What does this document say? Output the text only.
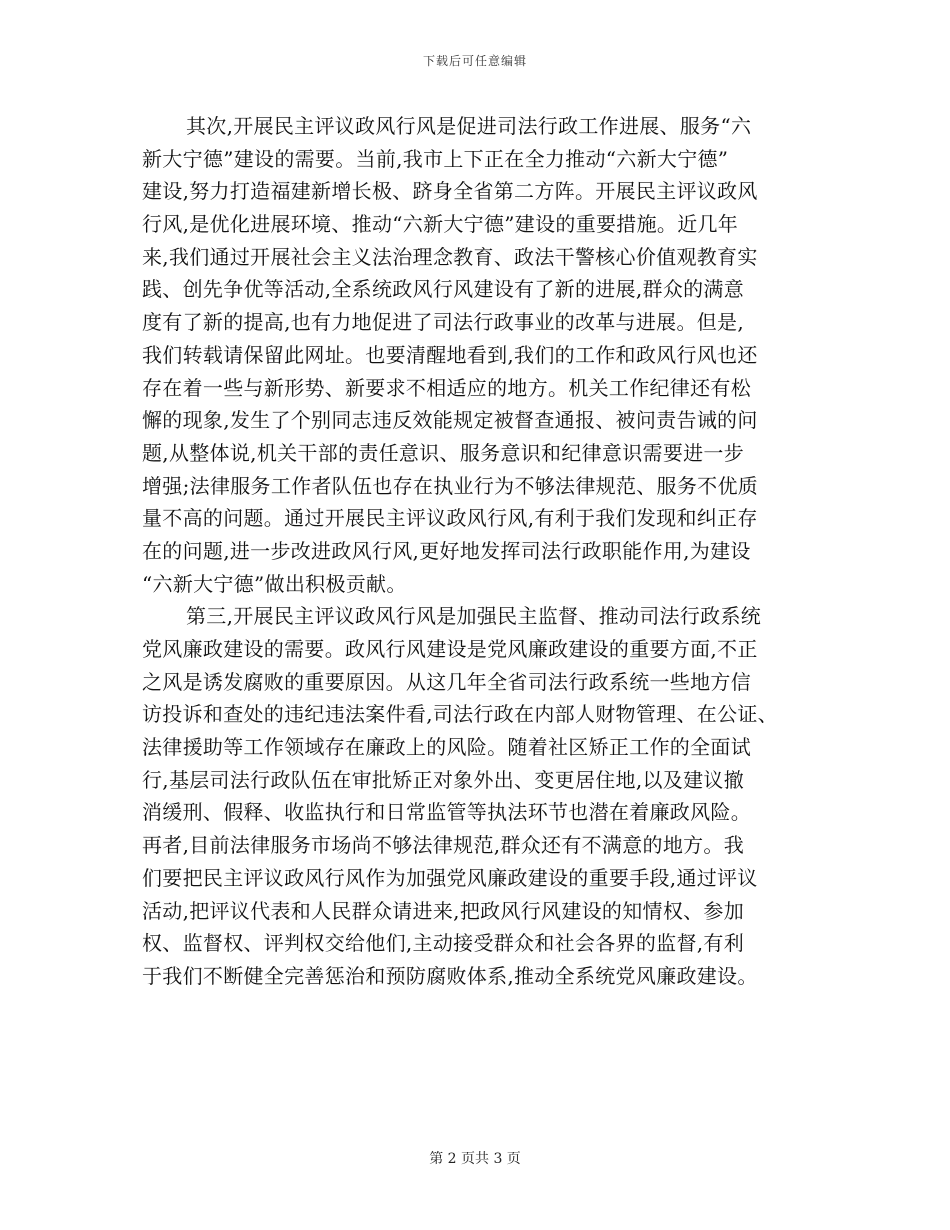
下载后可任意编辑
其次,开展民主评议政风行风是促进司法行政工作进展、服务“六
新大宁德”建设的需要。当前,我市上下正在全力推动“六新大宁德”
建设,努力打造福建新增长极、跻身全省第二方阵。开展民主评议政风
行风,是优化进展环境、推动“六新大宁德”建设的重要措施。近几年
来,我们通过开展社会主义法治理念教育、政法干警核心价值观教育实
践、创先争优等活动,全系统政风行风建设有了新的进展,群众的满意
度有了新的提高,也有力地促进了司法行政事业的改革与进展。但是,
我们转载请保留此网址。也要清醒地看到,我们的工作和政风行风也还
存在着一些与新形势、新要求不相适应的地方。机关工作纪律还有松
懈的现象,发生了个别同志违反效能规定被督查通报、被问责告诫的问
题,从整体说,机关干部的责任意识、服务意识和纪律意识需要进一步
增强;法律服务工作者队伍也存在执业行为不够法律规范、服务不优质
量不高的问题。通过开展民主评议政风行风,有利于我们发现和纠正存
在的问题,进一步改进政风行风,更好地发挥司法行政职能作用,为建设
“六新大宁德”做出积极贡献。
第三,开展民主评议政风行风是加强民主监督、推动司法行政系统
党风廉政建设的需要。政风行风建设是党风廉政建设的重要方面,不正
之风是诱发腐败的重要原因。从这几年全省司法行政系统一些地方信
访投诉和查处的违纪违法案件看,司法行政在内部人财物管理、在公证、
法律援助等工作领域存在廉政上的风险。随着社区矫正工作的全面试
行,基层司法行政队伍在审批矫正对象外出、变更居住地,以及建议撤
消缓刑、假释、收监执行和日常监管等执法环节也潜在着廉政风险。
再者,目前法律服务市场尚不够法律规范,群众还有不满意的地方。我
们要把民主评议政风行风作为加强党风廉政建设的重要手段,通过评议
活动,把评议代表和人民群众请进来,把政风行风建设的知情权、参加
权、监督权、评判权交给他们,主动接受群众和社会各界的监督,有利
于我们不断健全完善惩治和预防腐败体系,推动全系统党风廉政建设。
第 2 页共 3 页
